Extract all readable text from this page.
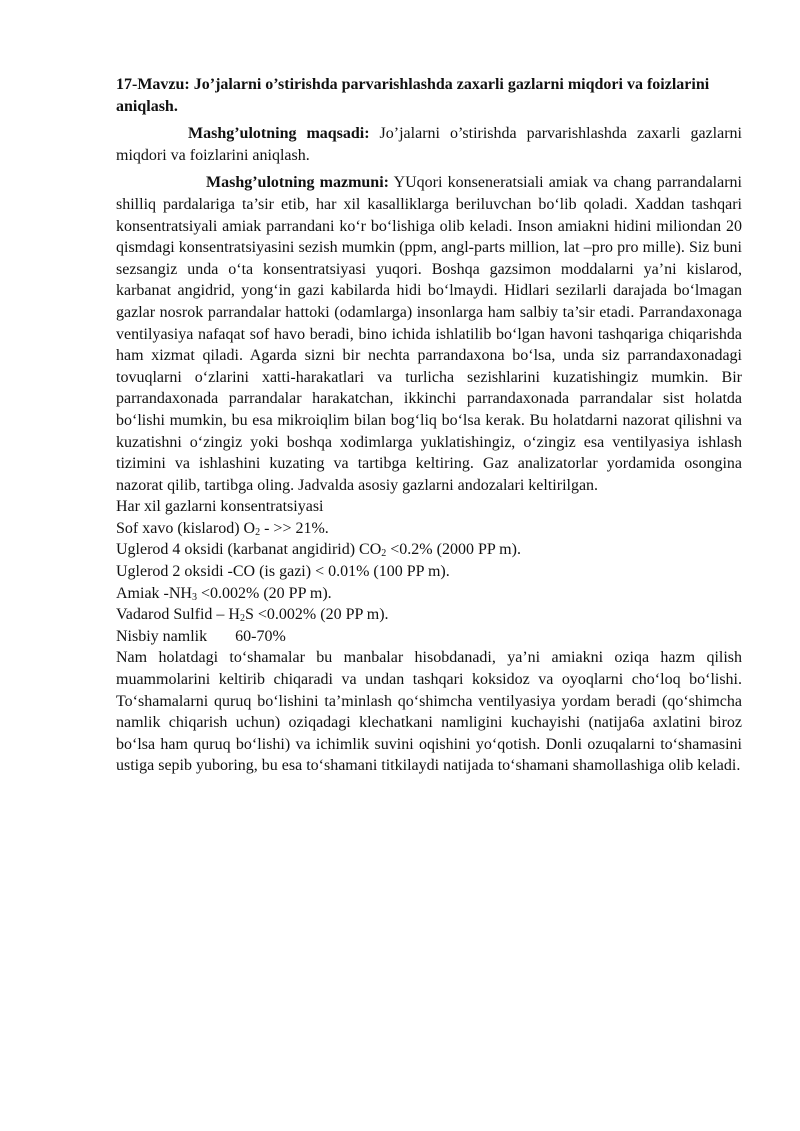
17-Mavzu: Jo’jalarni o’stirishda parvarishlashda zaxarli gazlarni miqdori va foizlarini aniqlash.

Mashg’ulotning maqsadi: Jo’jalarni o’stirishda parvarishlashda zaxarli gazlarni miqdori va foizlarini aniqlash.

Mashg’ulotning mazmuni: YUqori konseneratsiali amiak va chang parrandalarni shilliq pardalariga ta’sir etib, har xil kasalliklarga beriluvchan bo‘lib qoladi. Xaddan tashqari konsentratsiyali amiak parrandani ko‘r bo‘lishiga olib keladi. Inson amiakni hidini miliondan 20 qismdagi konsentratsiyasini sezish mumkin (ppm, angl-parts million, lat –pro pro mille). Siz buni sezsangiz unda o‘ta konsentratsiyasi yuqori. Boshqa gazsimon moddalarni ya’ni kislarod, karbanat angidrid, yong‘in gazi kabilarda hidi bo‘lmaydi. Hidlari sezilarli darajada bo‘lmagan gazlar nosrok parrandalar hattoki (odamlarga) insonlarga ham salbiy ta’sir etadi. Parrandaxonaga ventilyasiya nafaqat sof havo beradi, bino ichida ishlatilib bo‘lgan havoni tashqariga chiqarishda ham xizmat qiladi. Agarda sizni bir nechta parrandaxona bo‘lsa, unda siz parrandaxonadagi tovuqlarni o‘zlarini xatti-harakatlari va turlicha sezishlarini kuzatishingiz mumkin. Bir parrandaxonada parrandalar harakatchan, ikkinchi parrandaxonada parrandalar sist holatda bo‘lishi mumkin, bu esa mikroiqlim bilan bog‘liq bo‘lsa kerak. Bu holatdarni nazorat qilishni va kuzatishni o‘zingiz yoki boshqa xodimlarga yuklatishingiz, o‘zingiz esa ventilyasiya ishlash tizimini va ishlashini kuzating va tartibga keltiring. Gaz analizatorlar yordamida osongina nazorat qilib, tartibga oling. Jadvalda asosiy gazlarni andozalari keltirilgan.

Har xil gazlarni konsentratsiyasi

Sof xavo (kislarod) $O_2$ - >> 21%.

Uglerod 4 oksidi (karbanat angidirid) $CO_2 <0.2\%$ (2000 PP m).

Uglerod 2 oksidi -CO (is gazi) < 0.01% (100 PP m).

Amiak $-NH_3 <0.002\%$ (20 PP m).

Vadarod Sulfid – $H_2S <0.002\%$ (20 PP m).

Nisbiy namlik 60-70%

Nam holatdagi to‘shamalar bu manbalar hisobdanadi, ya’ni amiakni oziqa hazm qilish muammolarini keltirib chiqaradi va undan tashqari koksidoz va oyoqlarni cho‘loq bo‘lishi. To‘shamalarni quruq bo‘lishini ta’minlash qo‘shimcha ventilyasiya yordam beradi (qo‘shimcha namlik chiqarish uchun) oziqadagi klechatkani namligini kuchayishi (natija6a axlatini biroz bo‘lsa ham quruq bo‘lishi) va ichimlik suvini oqishini yo‘qotish. Donli ozuqalarni to‘shamasini ustiga sepib yuboring, bu esa to‘shamani titkilaydi natijada to‘shamani shamollashiga olib keladi.
